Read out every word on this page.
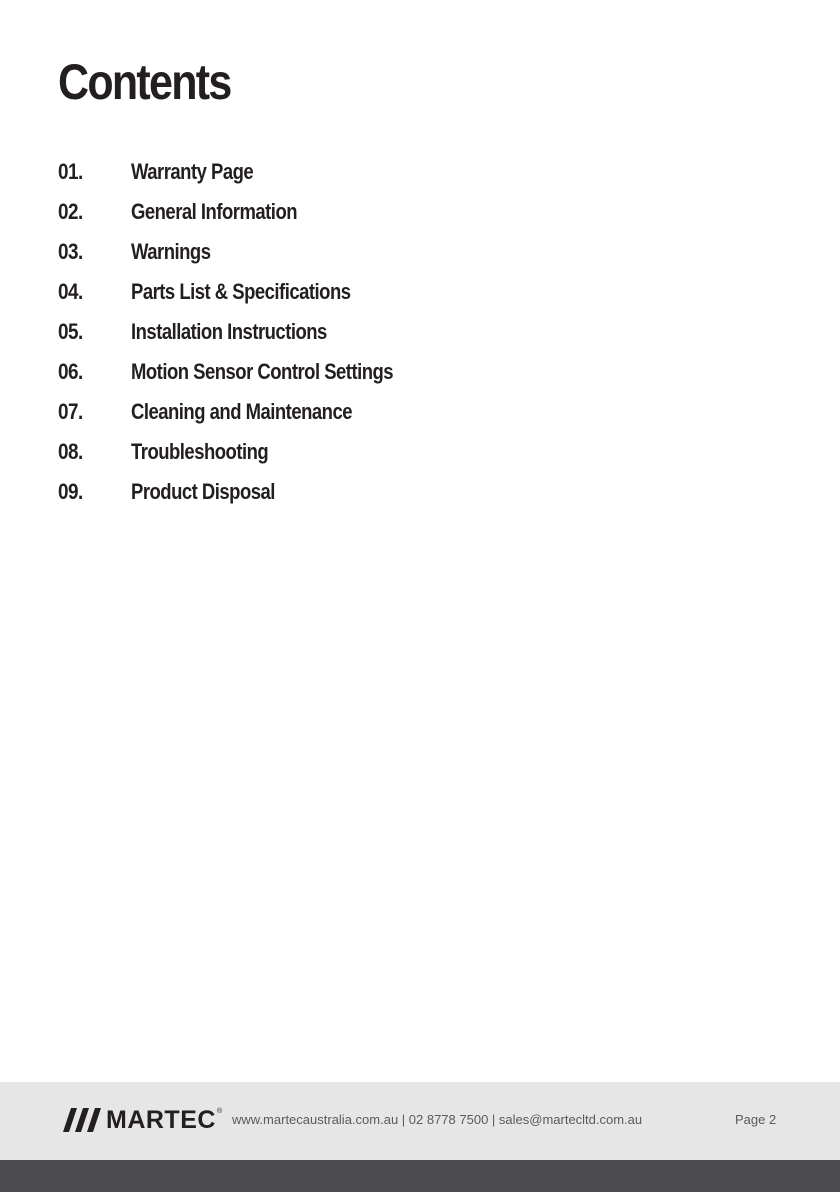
Contents
01.	Warranty Page
02.	General Information
03.	Warnings
04.	Parts List & Specifications
05.	Installation Instructions
06.	Motion Sensor Control Settings
07.	Cleaning and Maintenance
08.	Troubleshooting
09.	Product Disposal
MARTEC ®
www.martecaustralia.com.au | 02 8778 7500 | sales@martecltd.com.au	Page 2
